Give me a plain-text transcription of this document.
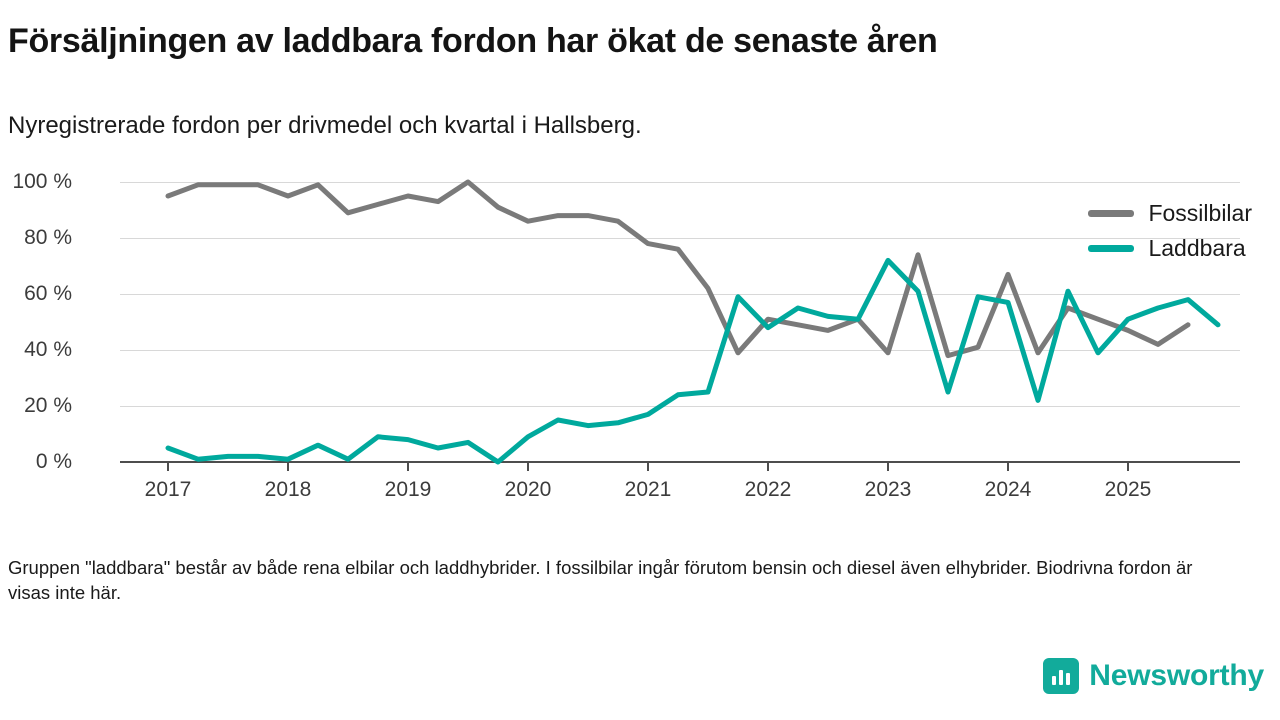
Försäljningen av laddbara fordon har ökat de senaste åren
Nyregistrerade fordon per drivmedel och kvartal i Hallsberg.
0 %
20 %
40 %
60 %
80 %
100 %
2017	2018	2019	2020	2021	2022	2023	2024	2025
Fossilbilar
Laddbara
Gruppen "laddbara" består av både rena elbilar och laddhybrider. I fossilbilar ingår förutom bensin och diesel även elhybrider. Biodrivna fordon är visas inte här.
Newsworthy
